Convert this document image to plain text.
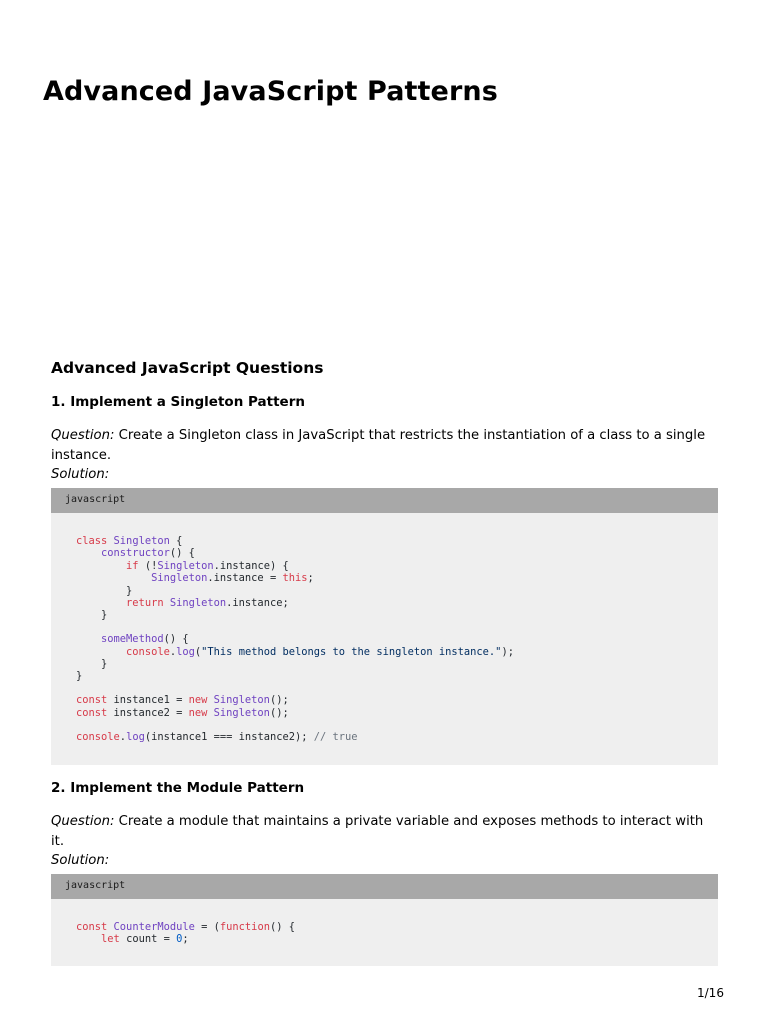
Advanced JavaScript Patterns
Advanced JavaScript Questions
1. Implement a Singleton Pattern

Question: Create a Singleton class in JavaScript that restricts the instantiation of a class to a single instance.

Solution:

javascript
class Singleton {
constructor() {
if (!Singleton.instance) {
Singleton.instance = this;
}
return Singleton.instance;
}
someMethod() {
console.log("This method belongs to the singleton instance.");
}
}
const instance1 = new Singleton();
const instance2 = new Singleton();
console.log(instance1 === instance2); // true
2. Implement the Module Pattern

Question: Create a module that maintains a private variable and exposes methods to interact with it.

Solution:

javascript
const CounterModule = (function() {
let count = 0;
1/16
